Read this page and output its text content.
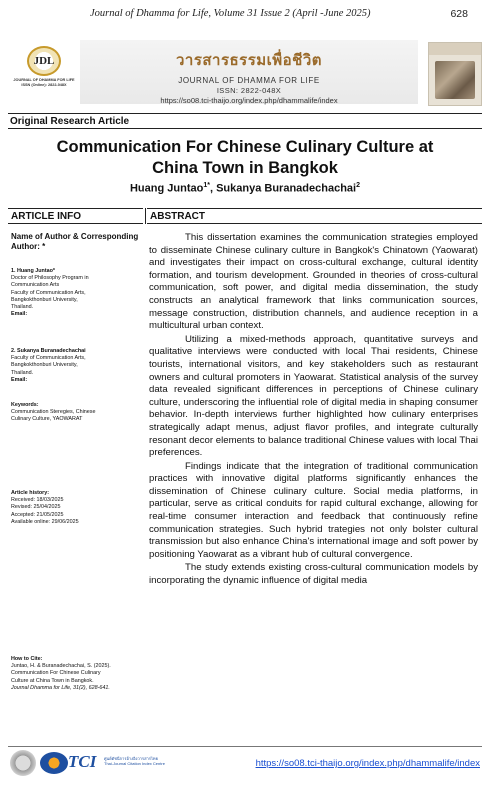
Journal of Dhamma for Life, Volume 31 Issue 2 (April -June 2025)	628
JDL
JOURNAL OF DHAMMA FOR LIFE
ISSN (Online): 2822-048X
วารสารธรรมเพื่อชีวิต
JOURNAL OF DHAMMA FOR LIFE
ISSN: 2822-048X
https://so08.tci-thaijo.org/index.php/dhammalife/index
Original Research Article
Communication For Chinese Culinary Culture at
China Town in Bangkok
Huang Juntao$^{1*}$, Sukanya Buranadechachai$^2$
ARTICLE INFO
Name of Author & Corresponding Author: *
1. Huang Juntao*
Doctor of Philosophy Program in
Communication Arts
Faculty of Communication Arts,
Bangkokthonburi University,
Thailand.
Email:
2. Sukanya Buranadechachai
Faculty of Communication Arts,
Bangkokthonburi University,
Thailand.
Email:
Keywords:
Communication Steregies, Chinese
Culinary Culture, YAOWARAT
Article history:
Received: 18/03/2025
Revised: 25/04/2025
Accepted: 21/05/2025
Available online: 29/06/2025
How to Cite:
Juntao, H. & Buranadechachai, S. (2025).
Communication For Chinese Culinary
Culture at China Town in Bangkok.
Journal Dhamma for Life, 31(2), 628-641.
ABSTRACT

This dissertation examines the communication strategies employed to disseminate Chinese culinary culture in Bangkok's Chinatown (Yaowarat) and investigates their impact on cross-cultural exchange, cultural identity formation, and tourism development. Grounded in theories of cross-cultural communication, soft power, and digital media dissemination, the study constructs an analytical framework that links communication sources, message construction, distribution channels, and audience reception in a multicultural urban context.

Utilizing a mixed-methods approach, quantitative surveys and qualitative interviews were conducted with local Thai residents, Chinese tourists, international visitors, and key stakeholders such as restaurant owners and cultural promoters in Yaowarat. Statistical analysis of the survey data revealed significant differences in perceptions of Chinese culinary culture, underscoring the influential role of digital media in shaping consumer behavior. In-depth interviews further highlighted how culinary enterprises strategically adapt menus, adjust flavor profiles, and integrate culturally resonant decor elements to balance traditional Chinese values with local Thai preferences.

Findings indicate that the integration of traditional communication practices with innovative digital platforms significantly enhances the dissemination of Chinese culinary culture. Social media platforms, in particular, serve as critical conduits for rapid cultural exchange, allowing for real-time consumer interaction and feedback that continuously refine communication strategies. Such hybrid trategies not only bolster cultural transmission but also enhance China's international image and soft power by positioning Yaowarat as a vibrant hub of cultural convergence.

The study extends existing cross-cultural communication models by incorporating the dynamic influence of digital media

TCI ศูนย์ดัชนีการอ้างอิงวารสารไทย
Thai-Journal Citation Index Centre	https://so08.tci-thaijo.org/index.php/dhammalife/index
